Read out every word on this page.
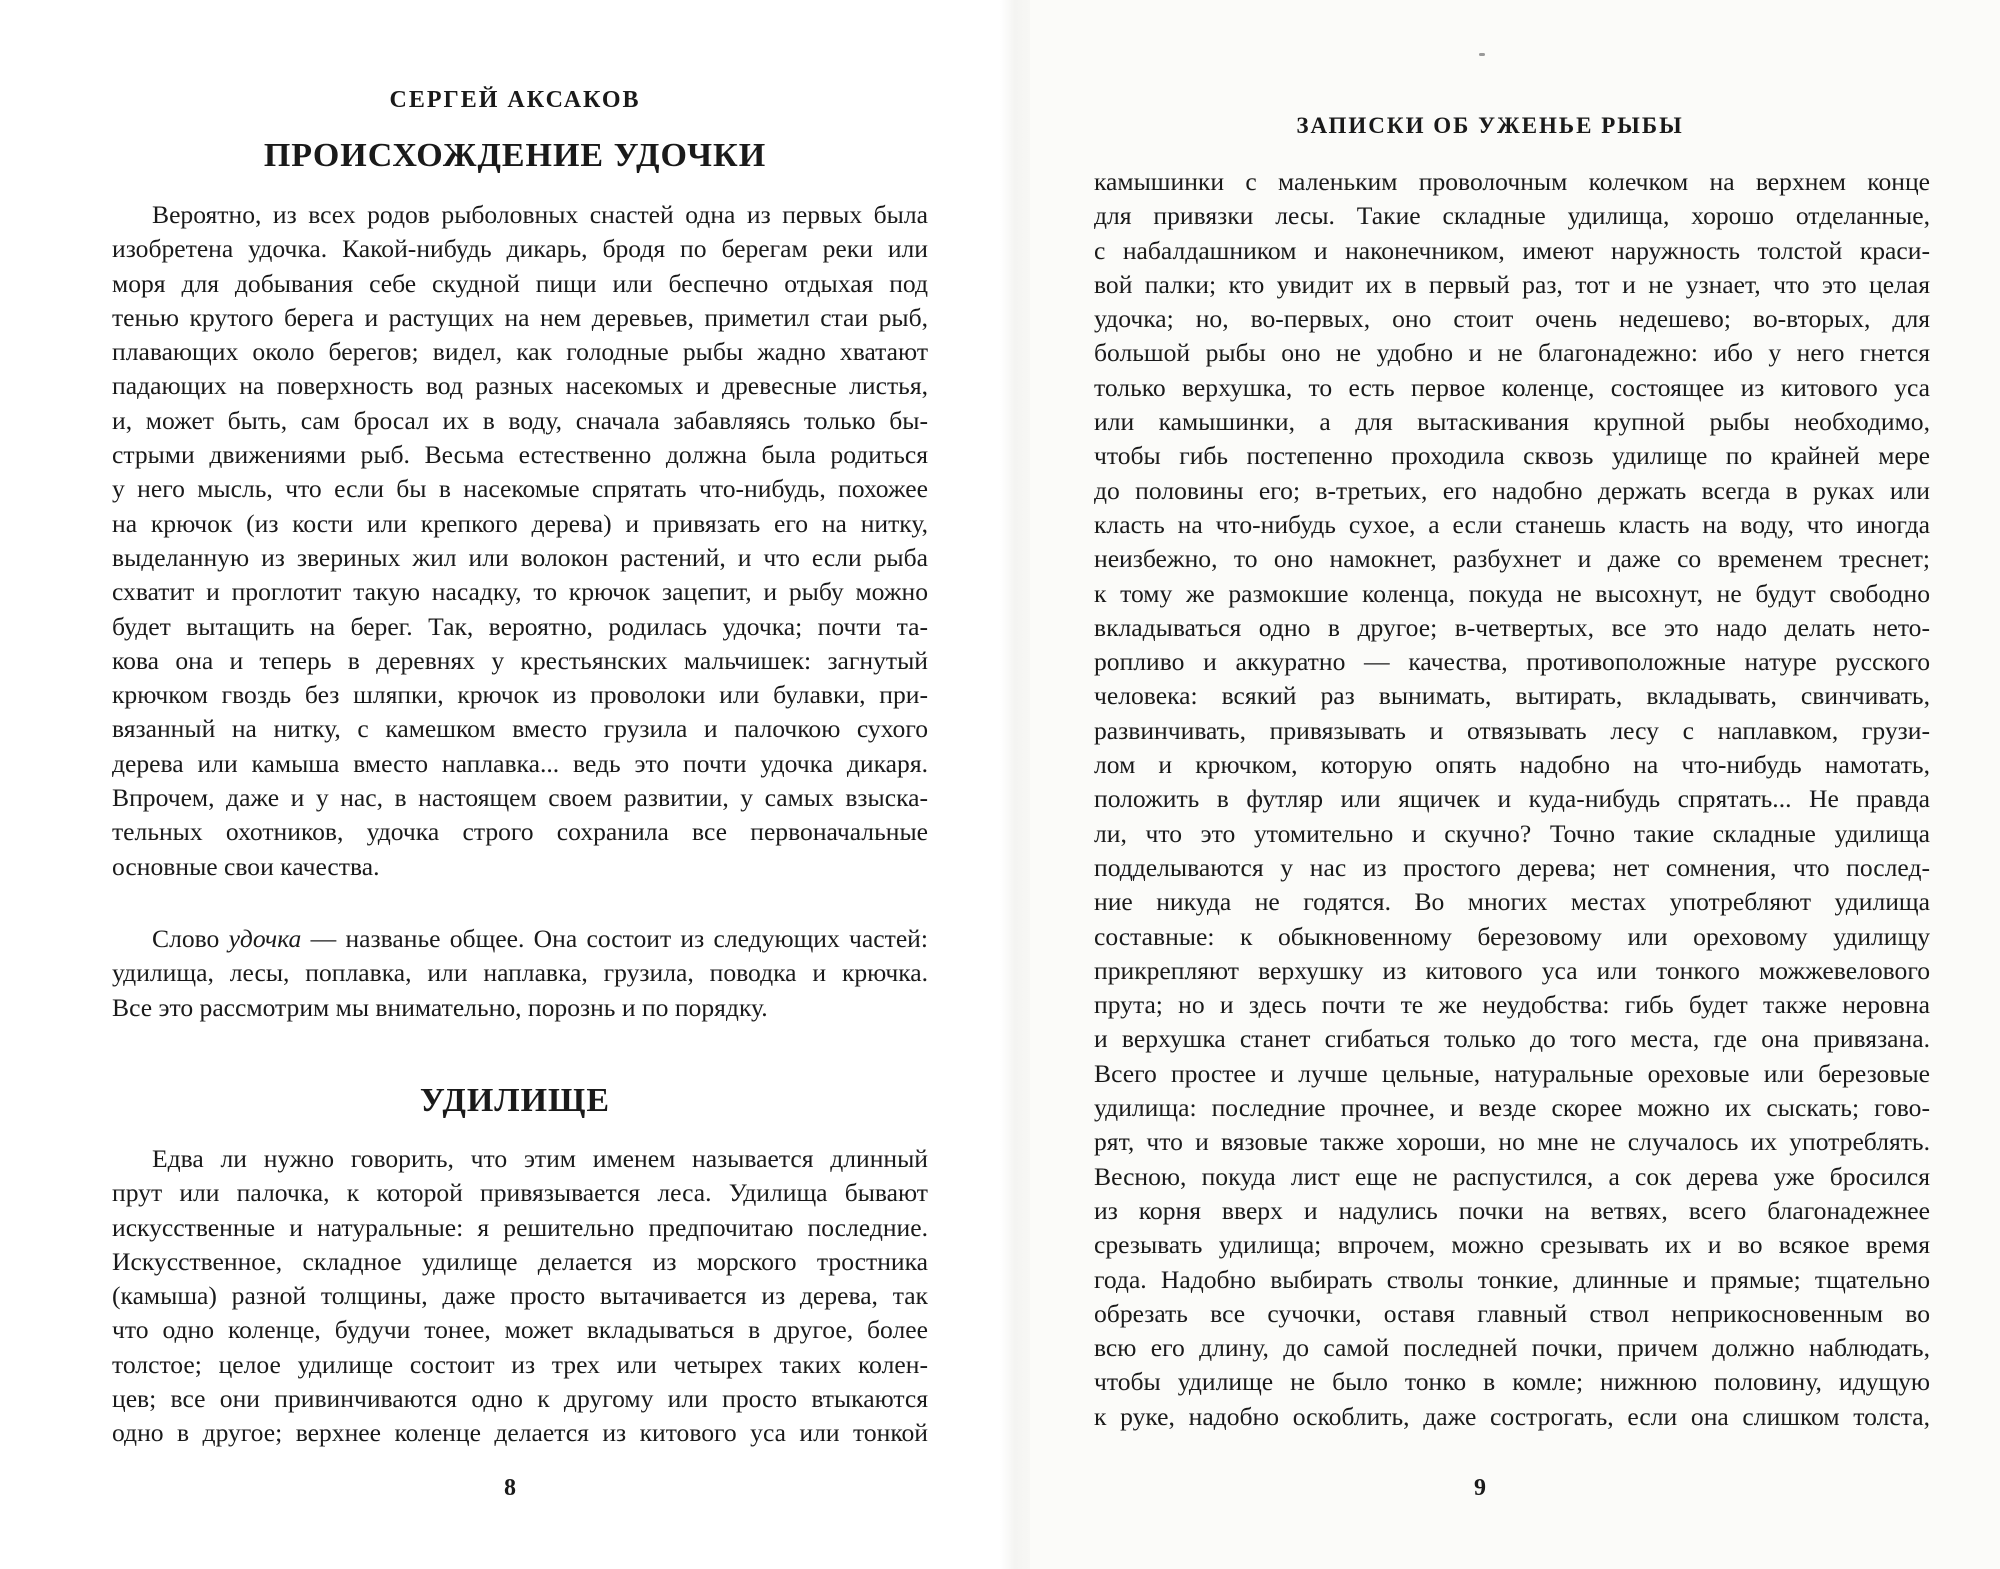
СЕРГЕЙ АКСАКОВ
ПРОИСХОЖДЕНИЕ УДОЧКИ
Вероятно, из всех родов рыболовных снастей одна из первых была
изобретена удочка. Какой-нибудь дикарь, бродя по берегам реки или
моря для добывания себе скудной пищи или беспечно отдыхая под
тенью крутого берега и растущих на нем деревьев, приметил стаи рыб,
плавающих около берегов; видел, как голодные рыбы жадно хватают
падающих на поверхность вод разных насекомых и древесные листья,
и, может быть, сам бросал их в воду, сначала забавляясь только бы-
стрыми движениями рыб. Весьма естественно должна была родиться
у него мысль, что если бы в насекомые спрятать что-нибудь, похожее
на крючок (из кости или крепкого дерева) и привязать его на нитку,
выделанную из звериных жил или волокон растений, и что если рыба
схватит и проглотит такую насадку, то крючок зацепит, и рыбу можно
будет вытащить на берег. Так, вероятно, родилась удочка; почти та-
кова она и теперь в деревнях у крестьянских мальчишек: загнутый
крючком гвоздь без шляпки, крючок из проволоки или булавки, при-
вязанный на нитку, с камешком вместо грузила и палочкою сухого
дерева или камыша вместо наплавка... ведь это почти удочка дикаря.
Впрочем, даже и у нас, в настоящем своем развитии, у самых взыска-
тельных охотников, удочка строго сохранила все первоначальные
основные свои качества.
Слово удочка — названье общее. Она состоит из следующих частей:
удилища, лесы, поплавка, или наплавка, грузила, поводка и крючка.
Все это рассмотрим мы внимательно, порознь и по порядку.
УДИЛИЩЕ
Едва ли нужно говорить, что этим именем называется длинный
прут или палочка, к которой привязывается леса. Удилища бывают
искусственные и натуральные: я решительно предпочитаю последние.
Искусственное, складное удилище делается из морского тростника
(камыша) разной толщины, даже просто вытачивается из дерева, так
что одно коленце, будучи тонее, может вкладываться в другое, более
толстое; целое удилище состоит из трех или четырех таких колен-
цев; все они привинчиваются одно к другому или просто втыкаются
одно в другое; верхнее коленце делается из китового уса или тонкой
8
ЗАПИСКИ ОБ УЖЕНЬЕ РЫБЫ
камышинки с маленьким проволочным колечком на верхнем конце
для привязки лесы. Такие складные удилища, хорошо отделанные,
с набалдашником и наконечником, имеют наружность толстой краси-
вой палки; кто увидит их в первый раз, тот и не узнает, что это целая
удочка; но, во-первых, оно стоит очень недешево; во-вторых, для
большой рыбы оно не удобно и не благонадежно: ибо у него гнется
только верхушка, то есть первое коленце, состоящее из китового уса
или камышинки, а для вытаскивания крупной рыбы необходимо,
чтобы гибь постепенно проходила сквозь удилище по крайней мере
до половины его; в-третьих, его надобно держать всегда в руках или
класть на что-нибудь сухое, а если станешь класть на воду, что иногда
неизбежно, то оно намокнет, разбухнет и даже со временем треснет;
к тому же размокшие коленца, покуда не высохнут, не будут свободно
вкладываться одно в другое; в-четвертых, все это надо делать нето-
ропливо и аккуратно — качества, противоположные натуре русского
человека: всякий раз вынимать, вытирать, вкладывать, свинчивать,
развинчивать, привязывать и отвязывать лесу с наплавком, грузи-
лом и крючком, которую опять надобно на что-нибудь намотать,
положить в футляр или ящичек и куда-нибудь спрятать... Не правда
ли, что это утомительно и скучно? Точно такие складные удилища
подделываются у нас из простого дерева; нет сомнения, что послед-
ние никуда не годятся. Во многих местах употребляют удилища
составные: к обыкновенному березовому или ореховому удилищу
прикрепляют верхушку из китового уса или тонкого можжевелового
прута; но и здесь почти те же неудобства: гибь будет также неровна
и верхушка станет сгибаться только до того места, где она привязана.
Всего простее и лучше цельные, натуральные ореховые или березовые
удилища: последние прочнее, и везде скорее можно их сыскать; гово-
рят, что и вязовые также хороши, но мне не случалось их употреблять.
Весною, покуда лист еще не распустился, а сок дерева уже бросился
из корня вверх и надулись почки на ветвях, всего благонадежнее
срезывать удилища; впрочем, можно срезывать их и во всякое время
года. Надобно выбирать стволы тонкие, длинные и прямые; тщательно
обрезать все сучочки, оставя главный ствол неприкосновенным во
всю его длину, до самой последней почки, причем должно наблюдать,
чтобы удилище не было тонко в комле; нижнюю половину, идущую
к руке, надобно оскоблить, даже сострогать, если она слишком толста,
9
